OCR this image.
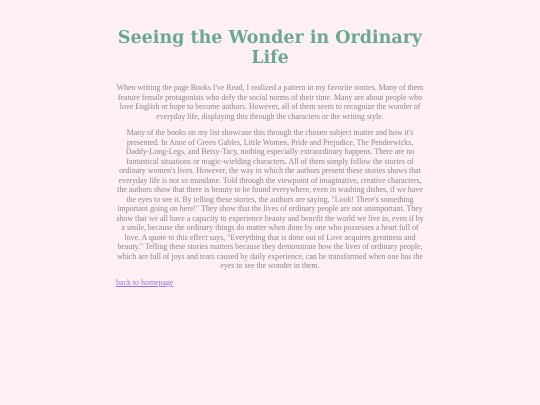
Seeing the Wonder in Ordinary Life

When writing the page Books I've Read, I realized a pattern in my favorite stories. Many of them feature female protagonists who defy the social norms of their time. Many are about people who love English or hope to become authors. However, all of them seem to recognize the wonder of everyday life, displaying this through the characters or the writing style.

Many of the books on my list showcase this through the chosen subject matter and how it's presented. In Anne of Green Gables, Little Women, Pride and Prejudice, The Penderwicks, Daddy-Long-Legs, and Betsy-Tacy, nothing especially extraordinary happens. There are no fantastical situations or magic-wielding characters. All of them simply follow the stories of ordinary women's lives. However, the way in which the authors present these stories shows that everyday life is not so mundane. Told through the viewpoint of imaginative, creative characters, the authors show that there is beauty to be found everywhere, even in washing dishes, if we have the eyes to see it. By telling these stories, the authors are saying, "Look! There's something important going on here!" They show that the lives of ordinary people are not unimportant. They show that we all have a capacity to experience beauty and benefit the world we live in, even if by a smile, because the ordinary things do matter when done by one who possesses a heart full of love. A quote to this effect says, "Everything that is done out of Love acquires greatness and beauty." Telling these stories matters because they demonstrate how the lives of ordinary people, which are full of joys and tears caused by daily experience, can be transformed when one has the eyes to see the wonder in them.

back to homepage
